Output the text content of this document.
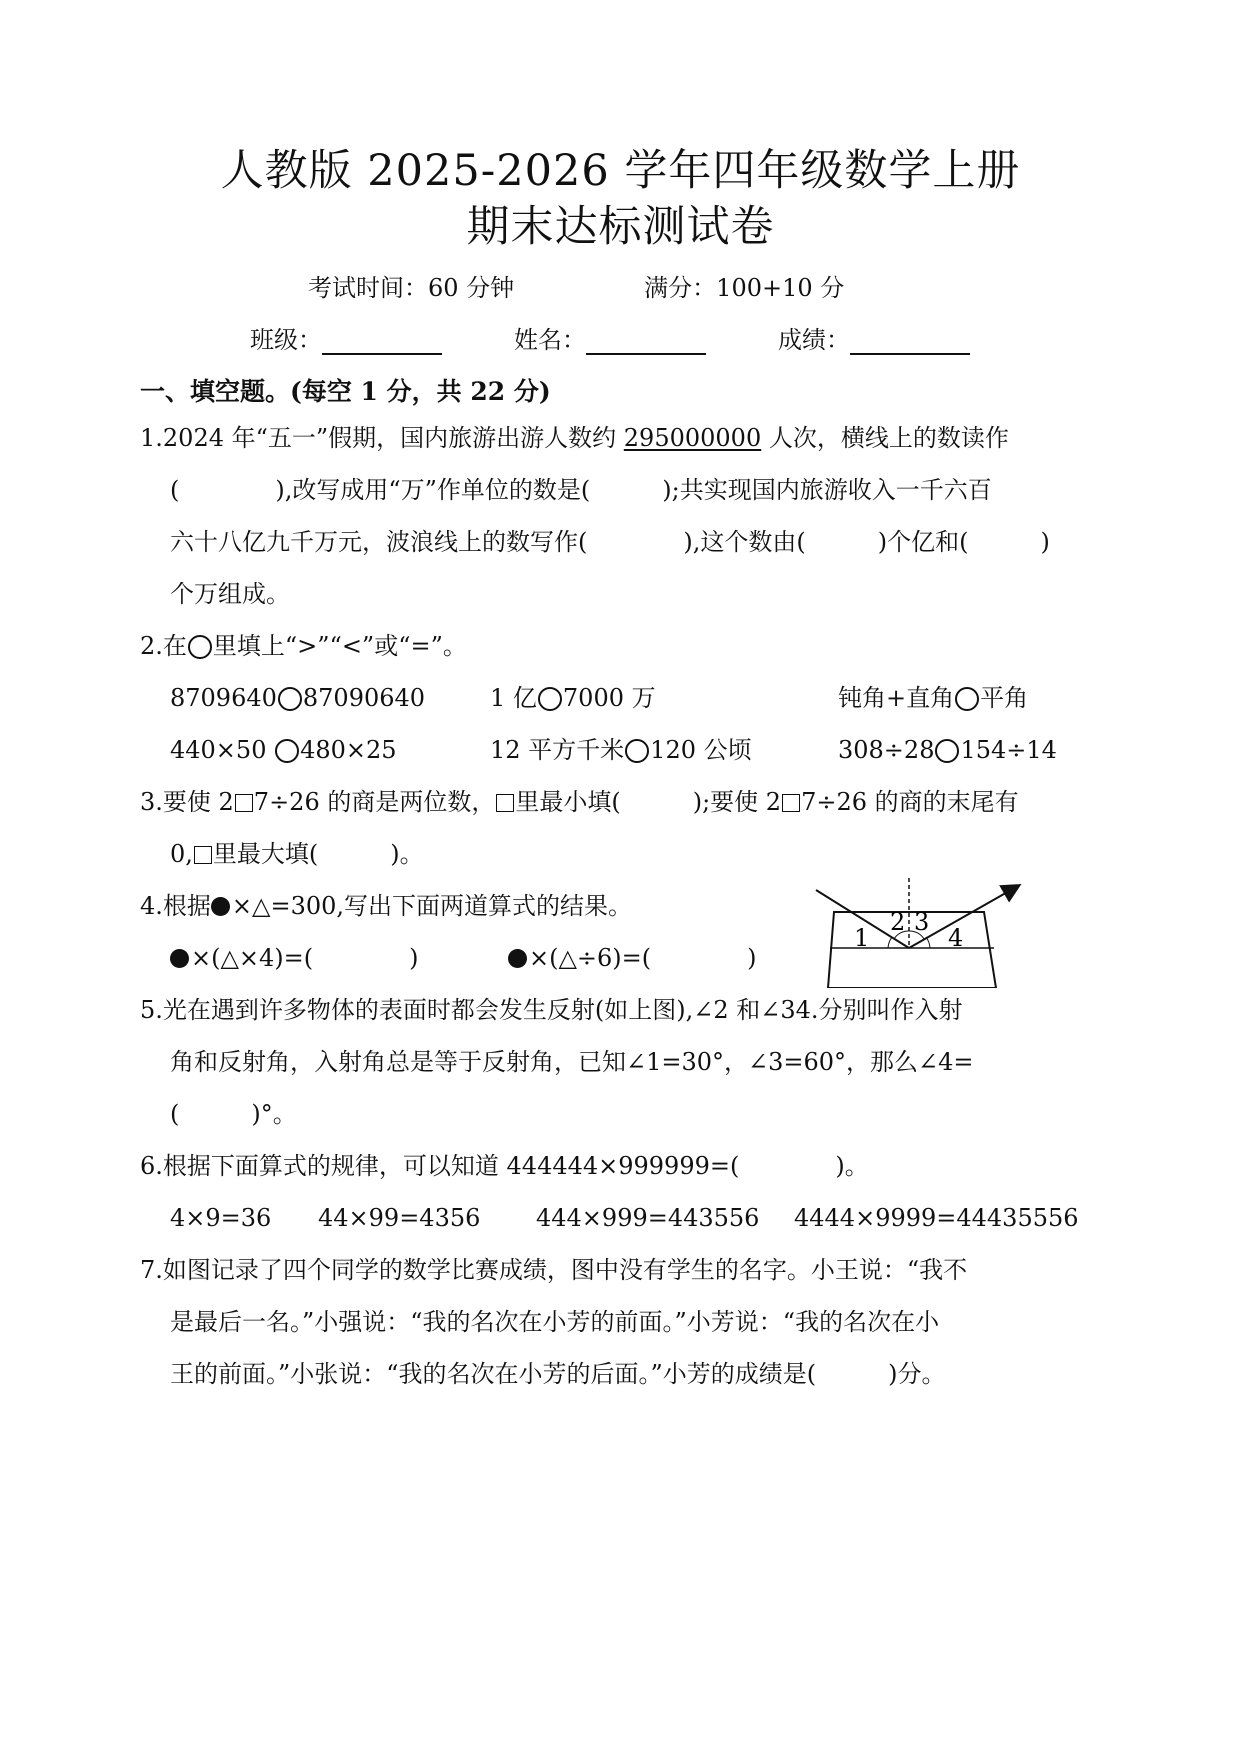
人教版 2025-2026 学年四年级数学上册
期末达标测试卷
考试时间：60 分钟	满分：100+10 分
班级：	姓名：	成绩：
一、填空题。(每空 1 分，共 22 分)
1.2024 年“五一”假期，国内旅游出游人数约 295000000 人次，横线上的数读作
(　　　　),改写成用“万”作单位的数是(　　　);共实现国内旅游收入一千六百
六十八亿九千万元，波浪线上的数写作(　　　　),这个数由(　　　)个亿和(　　　)
个万组成。
2.在 里填上“>”“<”或“=”。
8709640 87090640	1 亿 7000 万	钝角+直角 平角
440×50 480×25	12 平方千米 120 公顷	308÷28 154÷14
3.要使 2 7÷26 的商是两位数， 里最小填(　　　);要使 2 7÷26 的商的末尾有
0, 里最大填(　　　)。
4.根据 ×△=300,写出下面两道算式的结果。
×(△×4)=(　　　　)	×(△÷6)=(　　　　)
1
2 3
4
5.光在遇到许多物体的表面时都会发生反射(如上图),∠2 和∠34.分别叫作入射
角和反射角，入射角总是等于反射角，已知∠1=30°，∠3=60°，那么∠4=
(　　　)°。
6.根据下面算式的规律，可以知道 444444×999999=(　　　　)。
4×9=36 44×99=4356 444×999=443556 4444×9999=44435556
7.如图记录了四个同学的数学比赛成绩，图中没有学生的名字。小王说：“我不
是最后一名。”小强说：“我的名次在小芳的前面。”小芳说：“我的名次在小
王的前面。”小张说：“我的名次在小芳的后面。”小芳的成绩是(　　　)分。
